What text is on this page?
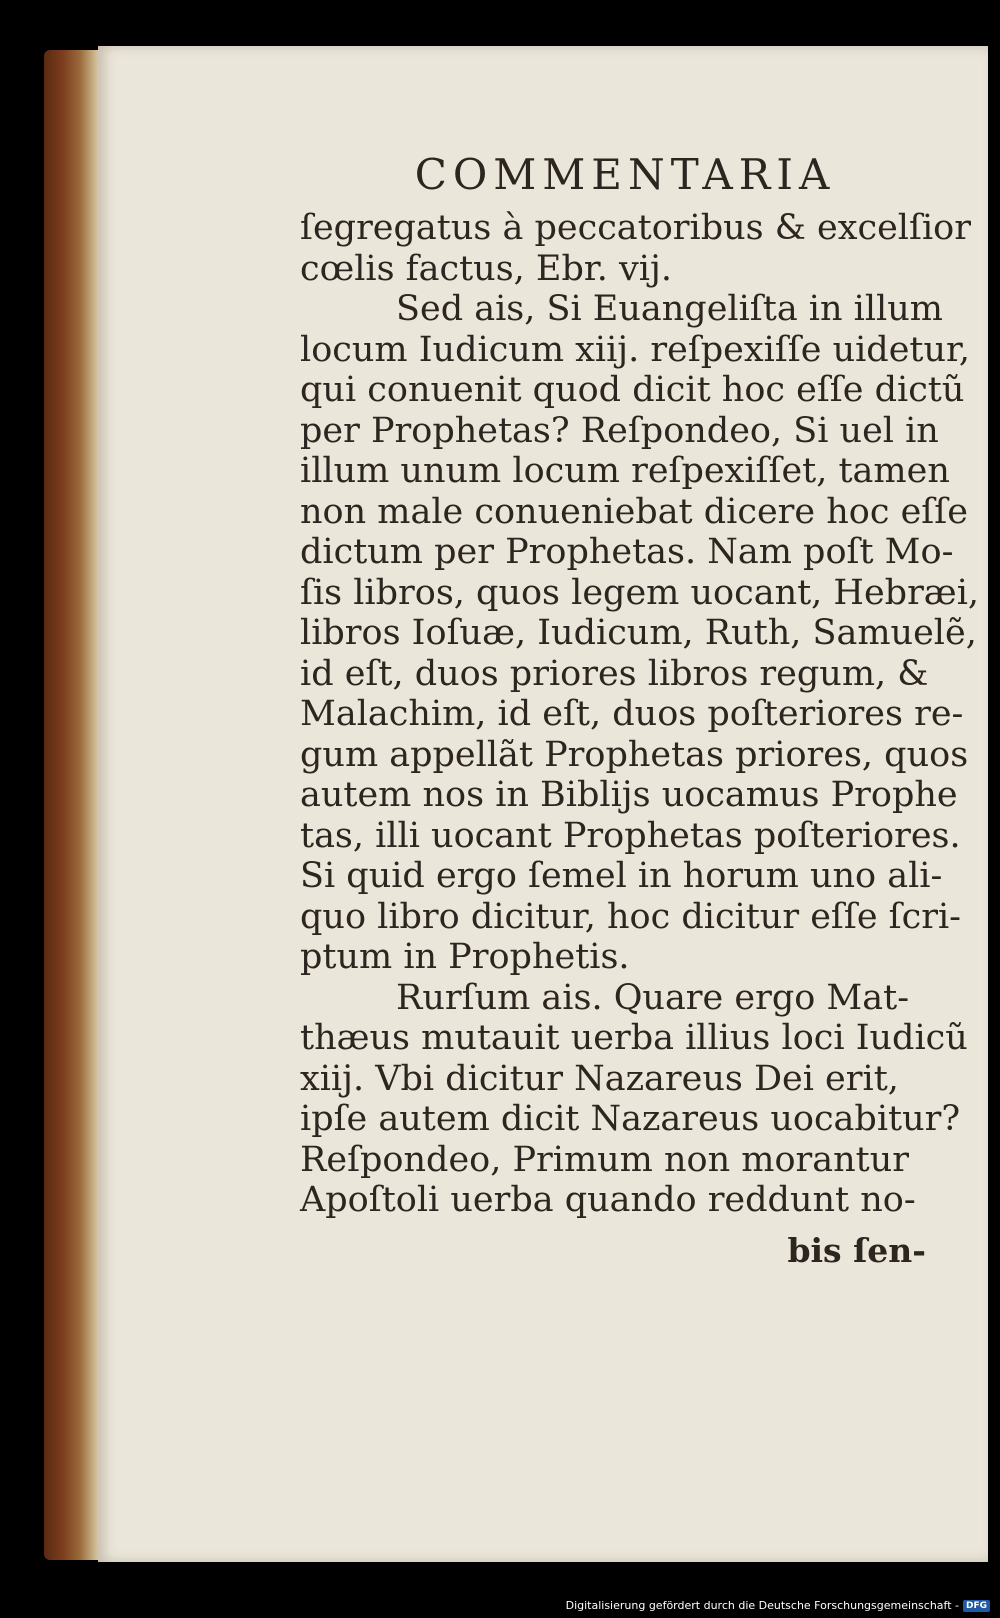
COMMENTARIA
ſegregatus à peccatoribus & excelſior
cœlis factus, Ebr. vij.
Sed ais, Si Euangeliſta in illum
locum Iudicum xiij. reſpexiſſe uidetur,
qui conuenit quod dicit hoc eſſe dictũ
per Prophetas? Reſpondeo, Si uel in
illum unum locum reſpexiſſet, tamen
non male conueniebat dicere hoc eſſe
dictum per Prophetas. Nam poſt Mo-
ſis libros, quos legem uocant, Hebræi,
libros Ioſuæ, Iudicum, Ruth, Samuelẽ,
id eſt, duos priores libros regum, &
Malachim, id eſt, duos poſteriores re-
gum appellãt Prophetas priores, quos
autem nos in Biblijs uocamus Prophe
tas, illi uocant Prophetas poſteriores.
Si quid ergo ſemel in horum uno ali-
quo libro dicitur, hoc dicitur eſſe ſcri-
ptum in Prophetis.
Rurſum ais. Quare ergo Mat-
thæus mutauit uerba illius loci Iudicũ
xiij. Vbi dicitur Nazareus Dei erit,
ipſe autem dicit Nazareus uocabitur?
Reſpondeo, Primum non morantur
Apoſtoli uerba quando reddunt no-
bis ſen-
Digitalisierung gefördert durch die Deutsche Forschungsgemeinschaft - DFG
